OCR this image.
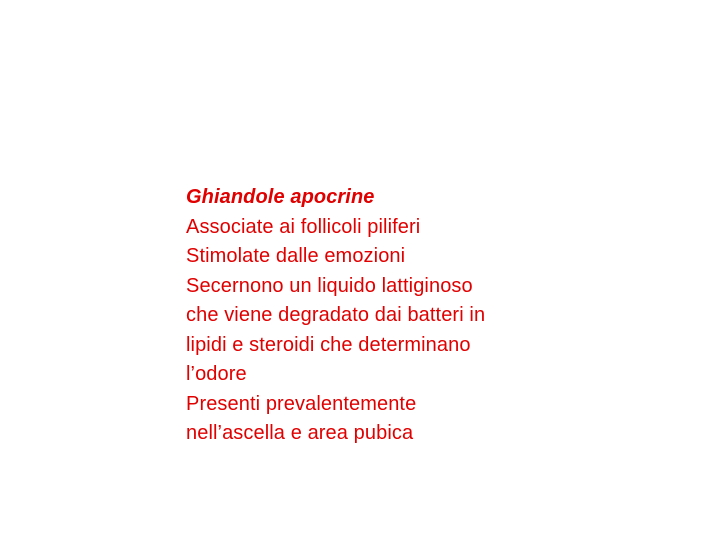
Ghiandole apocrine
Associate ai follicoli piliferi
Stimolate dalle emozioni
Secernono un liquido lattiginoso
che viene degradato dai batteri in
lipidi e steroidi che determinano
l’odore
Presenti prevalentemente
nell’ascella e area pubica
